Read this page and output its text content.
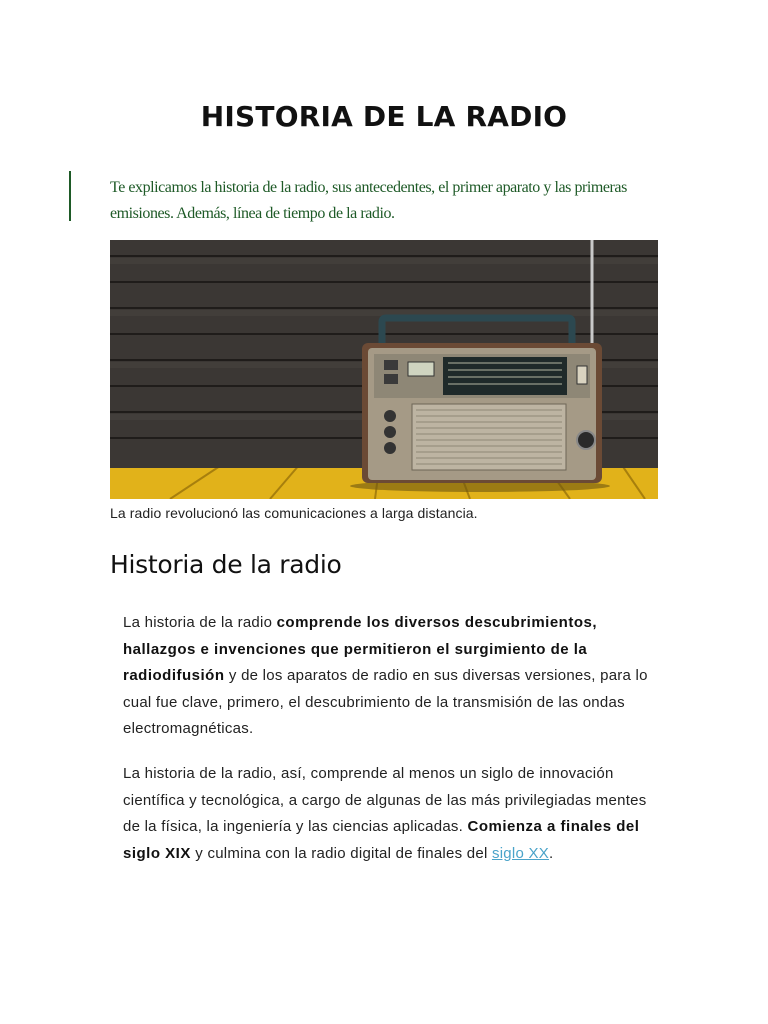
HISTORIA DE LA RADIO

Te explicamos la historia de la radio, sus antecedentes, el primer aparato y las primeras emisiones. Además, línea de tiempo de la radio.

La radio revolucionó las comunicaciones a larga distancia.

Historia de la radio

La historia de la radio comprende los diversos descubrimientos, hallazgos e invenciones que permitieron el surgimiento de la radiodifusión y de los aparatos de radio en sus diversas versiones, para lo cual fue clave, primero, el descubrimiento de la transmisión de las ondas electromagnéticas.

La historia de la radio, así, comprende al menos un siglo de innovación científica y tecnológica, a cargo de algunas de las más privilegiadas mentes de la física, la ingeniería y las ciencias aplicadas. Comienza a finales del siglo XIX y culmina con la radio digital de finales del siglo XX.
